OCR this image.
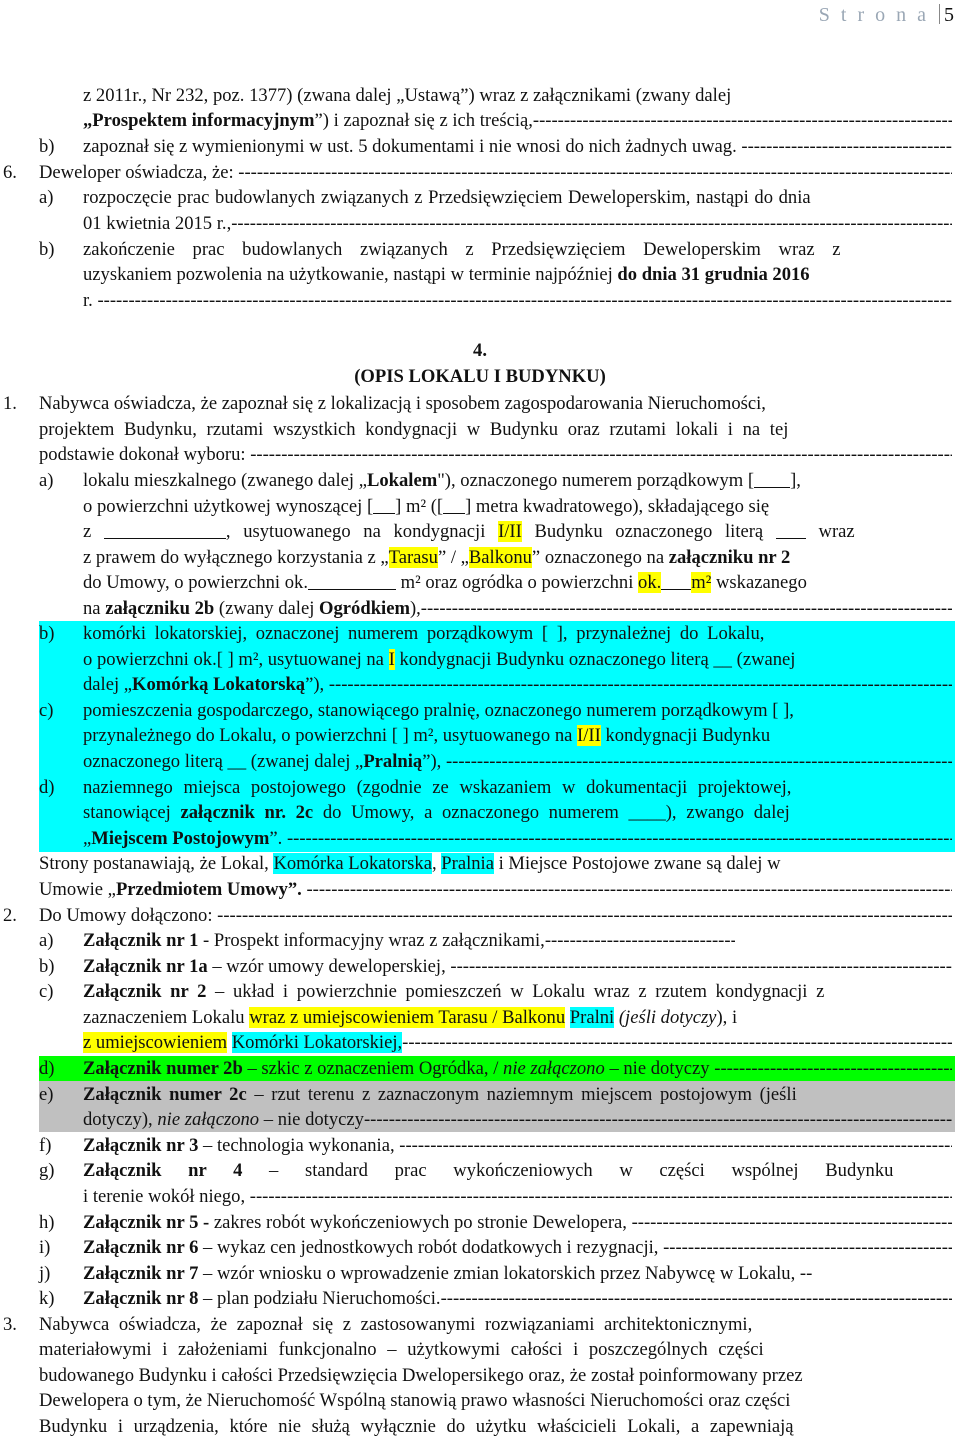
S t r o n a 5
z 2011r., Nr 232, poz. 1377) (zwana dalej „Ustawą”) wraz z załącznikami (zwany dalej
„Prospektem informacyjnym”) i zapoznał się z ich treścią, -----
b) zapoznał się z wymienionymi w ust. 5 dokumentami i nie wnosi do nich żadnych uwag. -----
6. Deweloper oświadcza, że: -----
a) rozpoczęcie prac budowlanych związanych z Przedsięwzięciem Deweloperskim, nastąpi do dnia
01 kwietnia 2015 r., -----
b) zakończenie prac budowlanych związanych z Przedsięwzięciem Deweloperskim wraz z
uzyskaniem pozwolenia na użytkowanie, nastąpi w terminie najpóźniej do dnia 31 grudnia 2016
r. -----
4.
(OPIS LOKALU I BUDYNKU)
1. Nabywca oświadcza, że zapoznał się z lokalizacją i sposobem zagospodarowania Nieruchomości,
projektem Budynku, rzutami wszystkich kondygnacji w Budynku oraz rzutami lokali i na tej
podstawie dokonał wyboru: -----
a) lokalu mieszkalnego (zwanego dalej „Lokalem"), oznaczonego numerem porządkowym [ ],
o powierzchni użytkowej wynoszącej [ ] m² ([ ] metra kwadratowego), składającego się
z	, usytuowanego na kondygnacji I/II Budynku oznaczonego literą	wraz
z prawem do wyłącznego korzystania z „Tarasu” / „Balkonu” oznaczonego na załączniku nr 2
do Umowy, o powierzchni ok.	m² oraz ogródka o powierzchni ok. m² wskazanego
na załączniku 2b (zwany dalej Ogródkiem), -----
b) komórki lokatorskiej, oznaczonej numerem porządkowym [ ], przynależnej do Lokalu,
o powierzchni ok.[ ] m², usytuowanej na I kondygnacji Budynku oznaczonego literą __ (zwanej
dalej „Komórką Lokatorską”), -----
c) pomieszczenia gospodarczego, stanowiącego pralnię, oznaczonego numerem porządkowym [ ],
przynależnego do Lokalu, o powierzchni [ ] m², usytuowanego na I/II kondygnacji Budynku
oznaczonego literą __ (zwanej dalej „Pralnią”), -----
d) naziemnego miejsca postojowego (zgodnie ze wskazaniem w dokumentacji projektowej,
stanowiącej załącznik nr. 2c do Umowy, a oznaczonego numerem ____), zwango dalej
„Miejscem Postojowym”. -----
Strony postanawiają, że Lokal, Komórka Lokatorska, Pralnia i Miejsce Postojowe zwane są dalej w
Umowie „Przedmiotem Umowy”. -----
2. Do Umowy dołączono: -----
a) Załącznik nr 1 - Prospekt informacyjny wraz z załącznikami,-----
b) Załącznik nr 1a – wzór umowy deweloperskiej, -----
c) Załącznik nr 2 – układ i powierzchnie pomieszczeń w Lokalu wraz z rzutem kondygnacji z
zaznaczeniem Lokalu wraz z umiejscowieniem Tarasu / Balkonu Pralni (jeśli dotyczy), i
z umiejscowieniem Komórki Lokatorskiej, -----
d) Załącznik numer 2b – szkic z oznaczeniem Ogródka, / nie załączono – nie dotyczy -----
e) Załącznik numer 2c – rzut terenu z zaznaczonym naziemnym miejscem postojowym (jeśli
dotyczy), nie załączono – nie dotyczy -----
f) Załącznik nr 3 – technologia wykonania, -----
g) Załącznik nr 4 – standard prac wykończeniowych w części wspólnej Budynku
i terenie wokół niego, -----
h) Załącznik nr 5 - zakres robót wykończeniowych po stronie Dewelopera, -----
i) Załącznik nr 6 – wykaz cen jednostkowych robót dodatkowych i rezygnacji, -----
j) Załącznik nr 7 – wzór wniosku o wprowadzenie zmian lokatorskich przez Nabywcę w Lokalu, --
k) Załącznik nr 8 – plan podziału Nieruchomości. -----
3. Nabywca oświadcza, że zapoznał się z zastosowanymi rozwiązaniami architektonicznymi,
materiałowymi i założeniami funkcjonalno – użytkowymi całości i poszczególnych części
budowanego Budynku i całości Przedsięwzięcia Dwelopersikego oraz, że został poinformowany przez
Dewelopera o tym, że Nieruchomość Wspólną stanowią prawo własności Nieruchomości oraz części
Budynku i urządzenia, które nie służą wyłącznie do użytku właścicieli Lokali, a zapewniają
